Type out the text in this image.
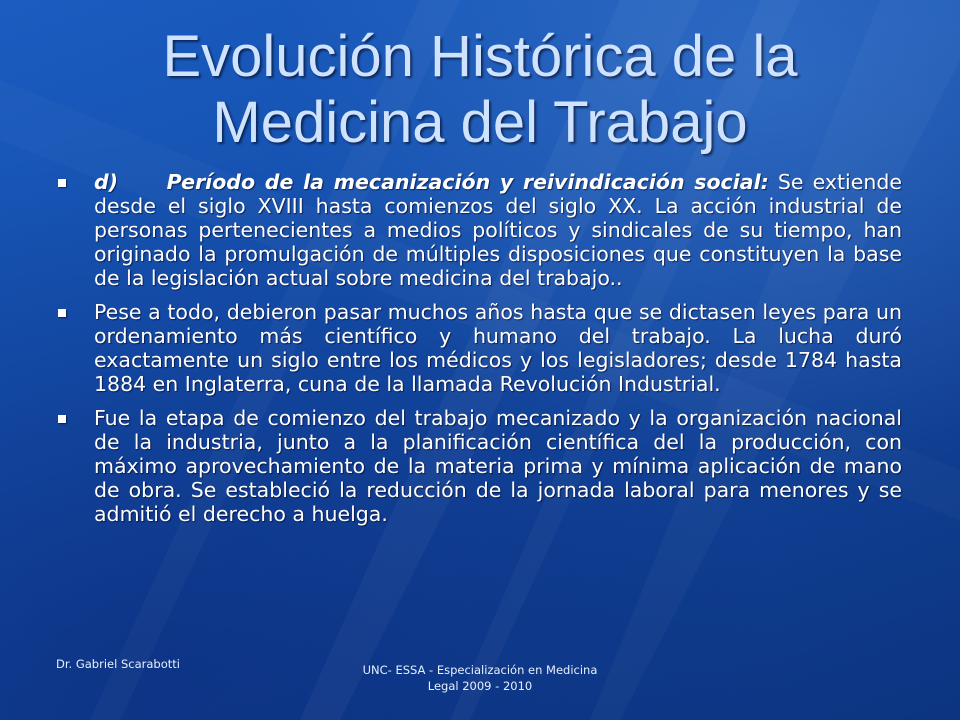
Evolución Histórica de la Medicina del Trabajo
d)     Período de la mecanización y reivindicación social: Se extiende desde el siglo XVIII hasta comienzos del siglo XX. La acción industrial de personas pertenecientes a medios políticos y sindicales de su tiempo, han originado la promulgación de múltiples disposiciones que constituyen la base de la legislación actual sobre medicina del trabajo..
Pese a todo, debieron pasar muchos años hasta que se dictasen leyes para un ordenamiento más científico y humano del trabajo. La lucha duró exactamente un siglo entre los médicos y los legisladores; desde 1784 hasta 1884 en Inglaterra, cuna de la llamada Revolución Industrial.
Fue la etapa de comienzo del trabajo mecanizado y la organización nacional de la industria, junto a la planificación científica del la producción, con máximo aprovechamiento de la materia prima y mínima aplicación de mano de obra. Se estableció la reducción de la jornada laboral para menores y se admitió el derecho a huelga.
Dr. Gabriel Scarabotti	UNC- ESSA - Especialización en Medicina
Legal 2009 - 2010
